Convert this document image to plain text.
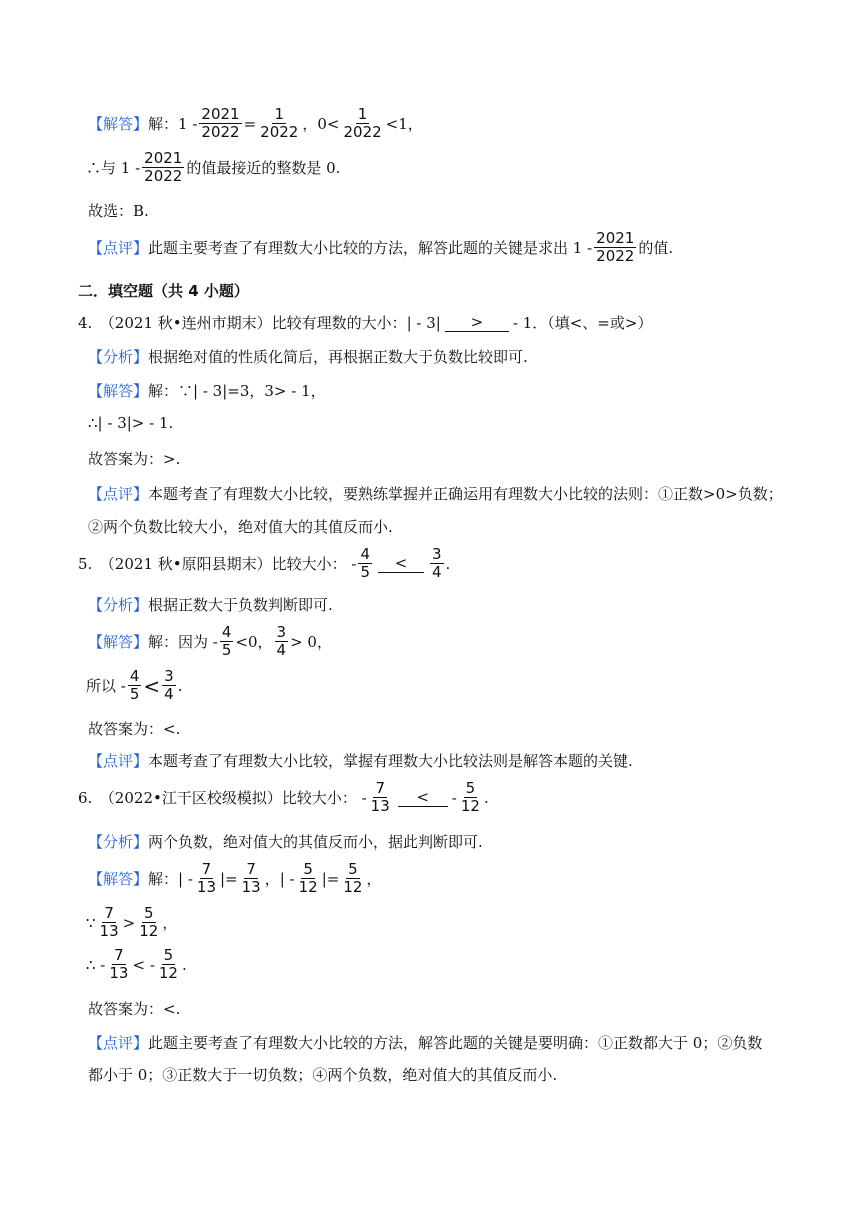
【解答】 解：$1 - \frac{2021}{2022} = \frac{1}{2022}$ ，$0< \frac{1}{2022} <1$，
∴与 $1 - \frac{2021}{2022}$ 的值最接近的整数是 0.
故选：B.
【点评】 此题主要考查了有理数大小比较的方法，解答此题的关键是求出 $1 - \frac{2021}{2022}$ 的值.
二．填空题（共 4 小题）
4.　（2021 秋•连州市期末）比较有理数的大小：| - 3|	>	- 1．（填<、=或>）
【分析】 根据绝对值的性质化简后，再根据正数大于负数比较即可.
【解答】 解：∵| - 3|=3，3> - 1，
∴| - 3|> - 1.
故答案为：>.
【点评】 本题考查了有理数大小比较，要熟练掌握并正确运用有理数大小比较的法则：①正数>0>负数；
②两个负数比较大小，绝对值大的其值反而小.
5.　（2021 秋•原阳县期末）比较大小： - $\frac{4}{5}$	<	$\frac{3}{4}$ .
【分析】 根据正数大于负数判断即可.
【解答】 解：因为 - $\frac{4}{5} <0$， $\frac{3}{4} > 0$，
所以 - $\frac{4}{5} < \frac{3}{4}$ .
故答案为：<.
【点评】 本题考查了有理数大小比较，掌握有理数大小比较法则是解答本题的关键.
6.　（2022•江干区校级模拟）比较大小： - $\frac{7}{13}$	<	- $\frac{5}{12}$ .
【分析】 两个负数，绝对值大的其值反而小，据此判断即可.
【解答】 解：| - $\frac{7}{13}$ |= $\frac{7}{13}$ ，| - $\frac{5}{12}$ |= $\frac{5}{12}$ ，
∵ $\frac{7}{13} > \frac{5}{12}$ ，
∴ - $\frac{7}{13}$ < - $\frac{5}{12}$ .
故答案为：<.
【点评】 此题主要考查了有理数大小比较的方法，解答此题的关键是要明确：①正数都大于 0；②负数
都小于 0；③正数大于一切负数；④两个负数，绝对值大的其值反而小.
